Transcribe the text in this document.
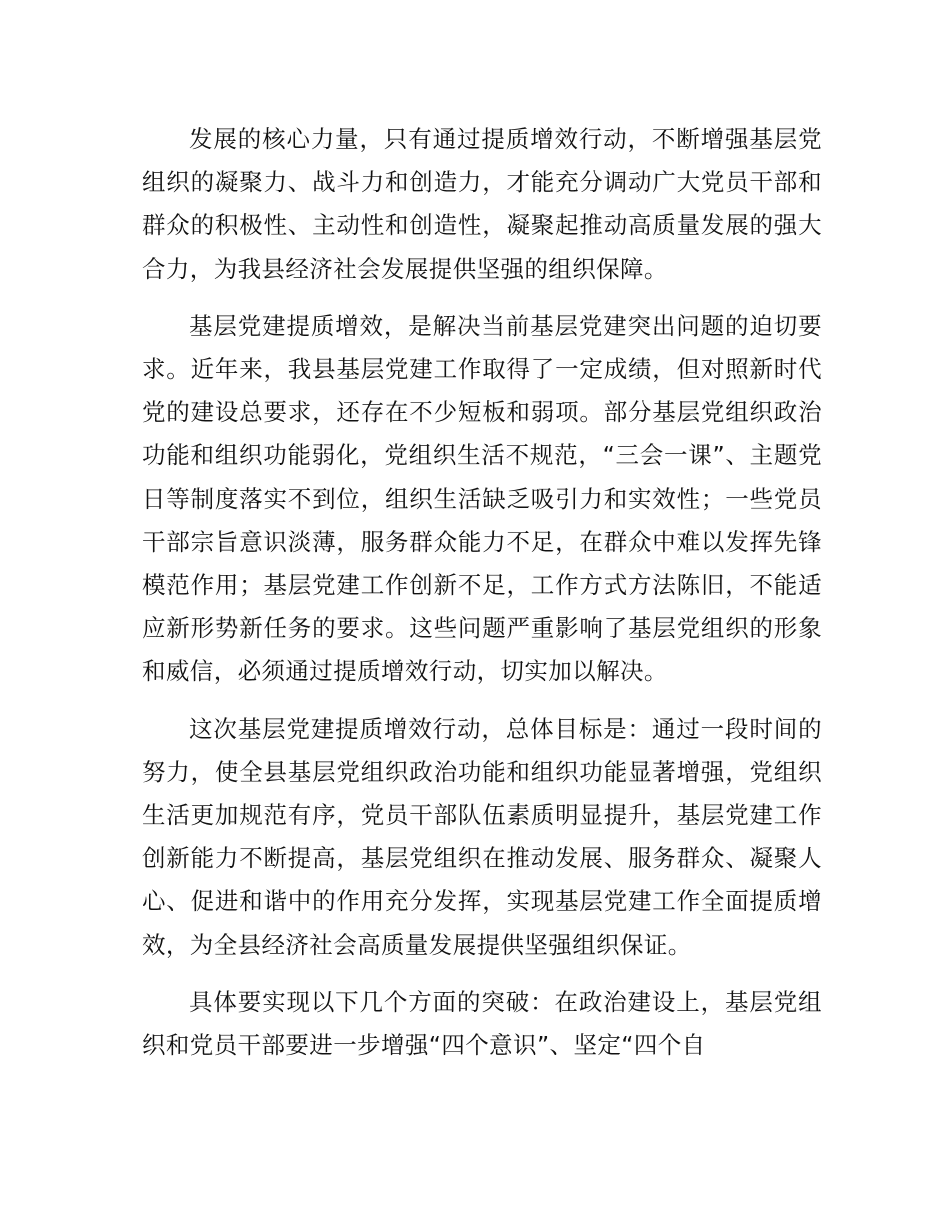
发展的核心力量，只有通过提质增效行动，不断增强基层党组织的凝聚力、战斗力和创造力，才能充分调动广大党员干部和群众的积极性、主动性和创造性，凝聚起推动高质量发展的强大合力，为我县经济社会发展提供坚强的组织保障。

基层党建提质增效，是解决当前基层党建突出问题的迫切要求。近年来，我县基层党建工作取得了一定成绩，但对照新时代党的建设总要求，还存在不少短板和弱项。部分基层党组织政治功能和组织功能弱化，党组织生活不规范，“三会一课”、主题党日等制度落实不到位，组织生活缺乏吸引力和实效性；一些党员干部宗旨意识淡薄，服务群众能力不足，在群众中难以发挥先锋模范作用；基层党建工作创新不足，工作方式方法陈旧，不能适应新形势新任务的要求。这些问题严重影响了基层党组织的形象和威信，必须通过提质增效行动，切实加以解决。

这次基层党建提质增效行动，总体目标是：通过一段时间的努力，使全县基层党组织政治功能和组织功能显著增强，党组织生活更加规范有序，党员干部队伍素质明显提升，基层党建工作创新能力不断提高，基层党组织在推动发展、服务群众、凝聚人心、促进和谐中的作用充分发挥，实现基层党建工作全面提质增效，为全县经济社会高质量发展提供坚强组织保证。

具体要实现以下几个方面的突破：在政治建设上，基层党组织和党员干部要进一步增强“四个意识”、坚定“四个自
